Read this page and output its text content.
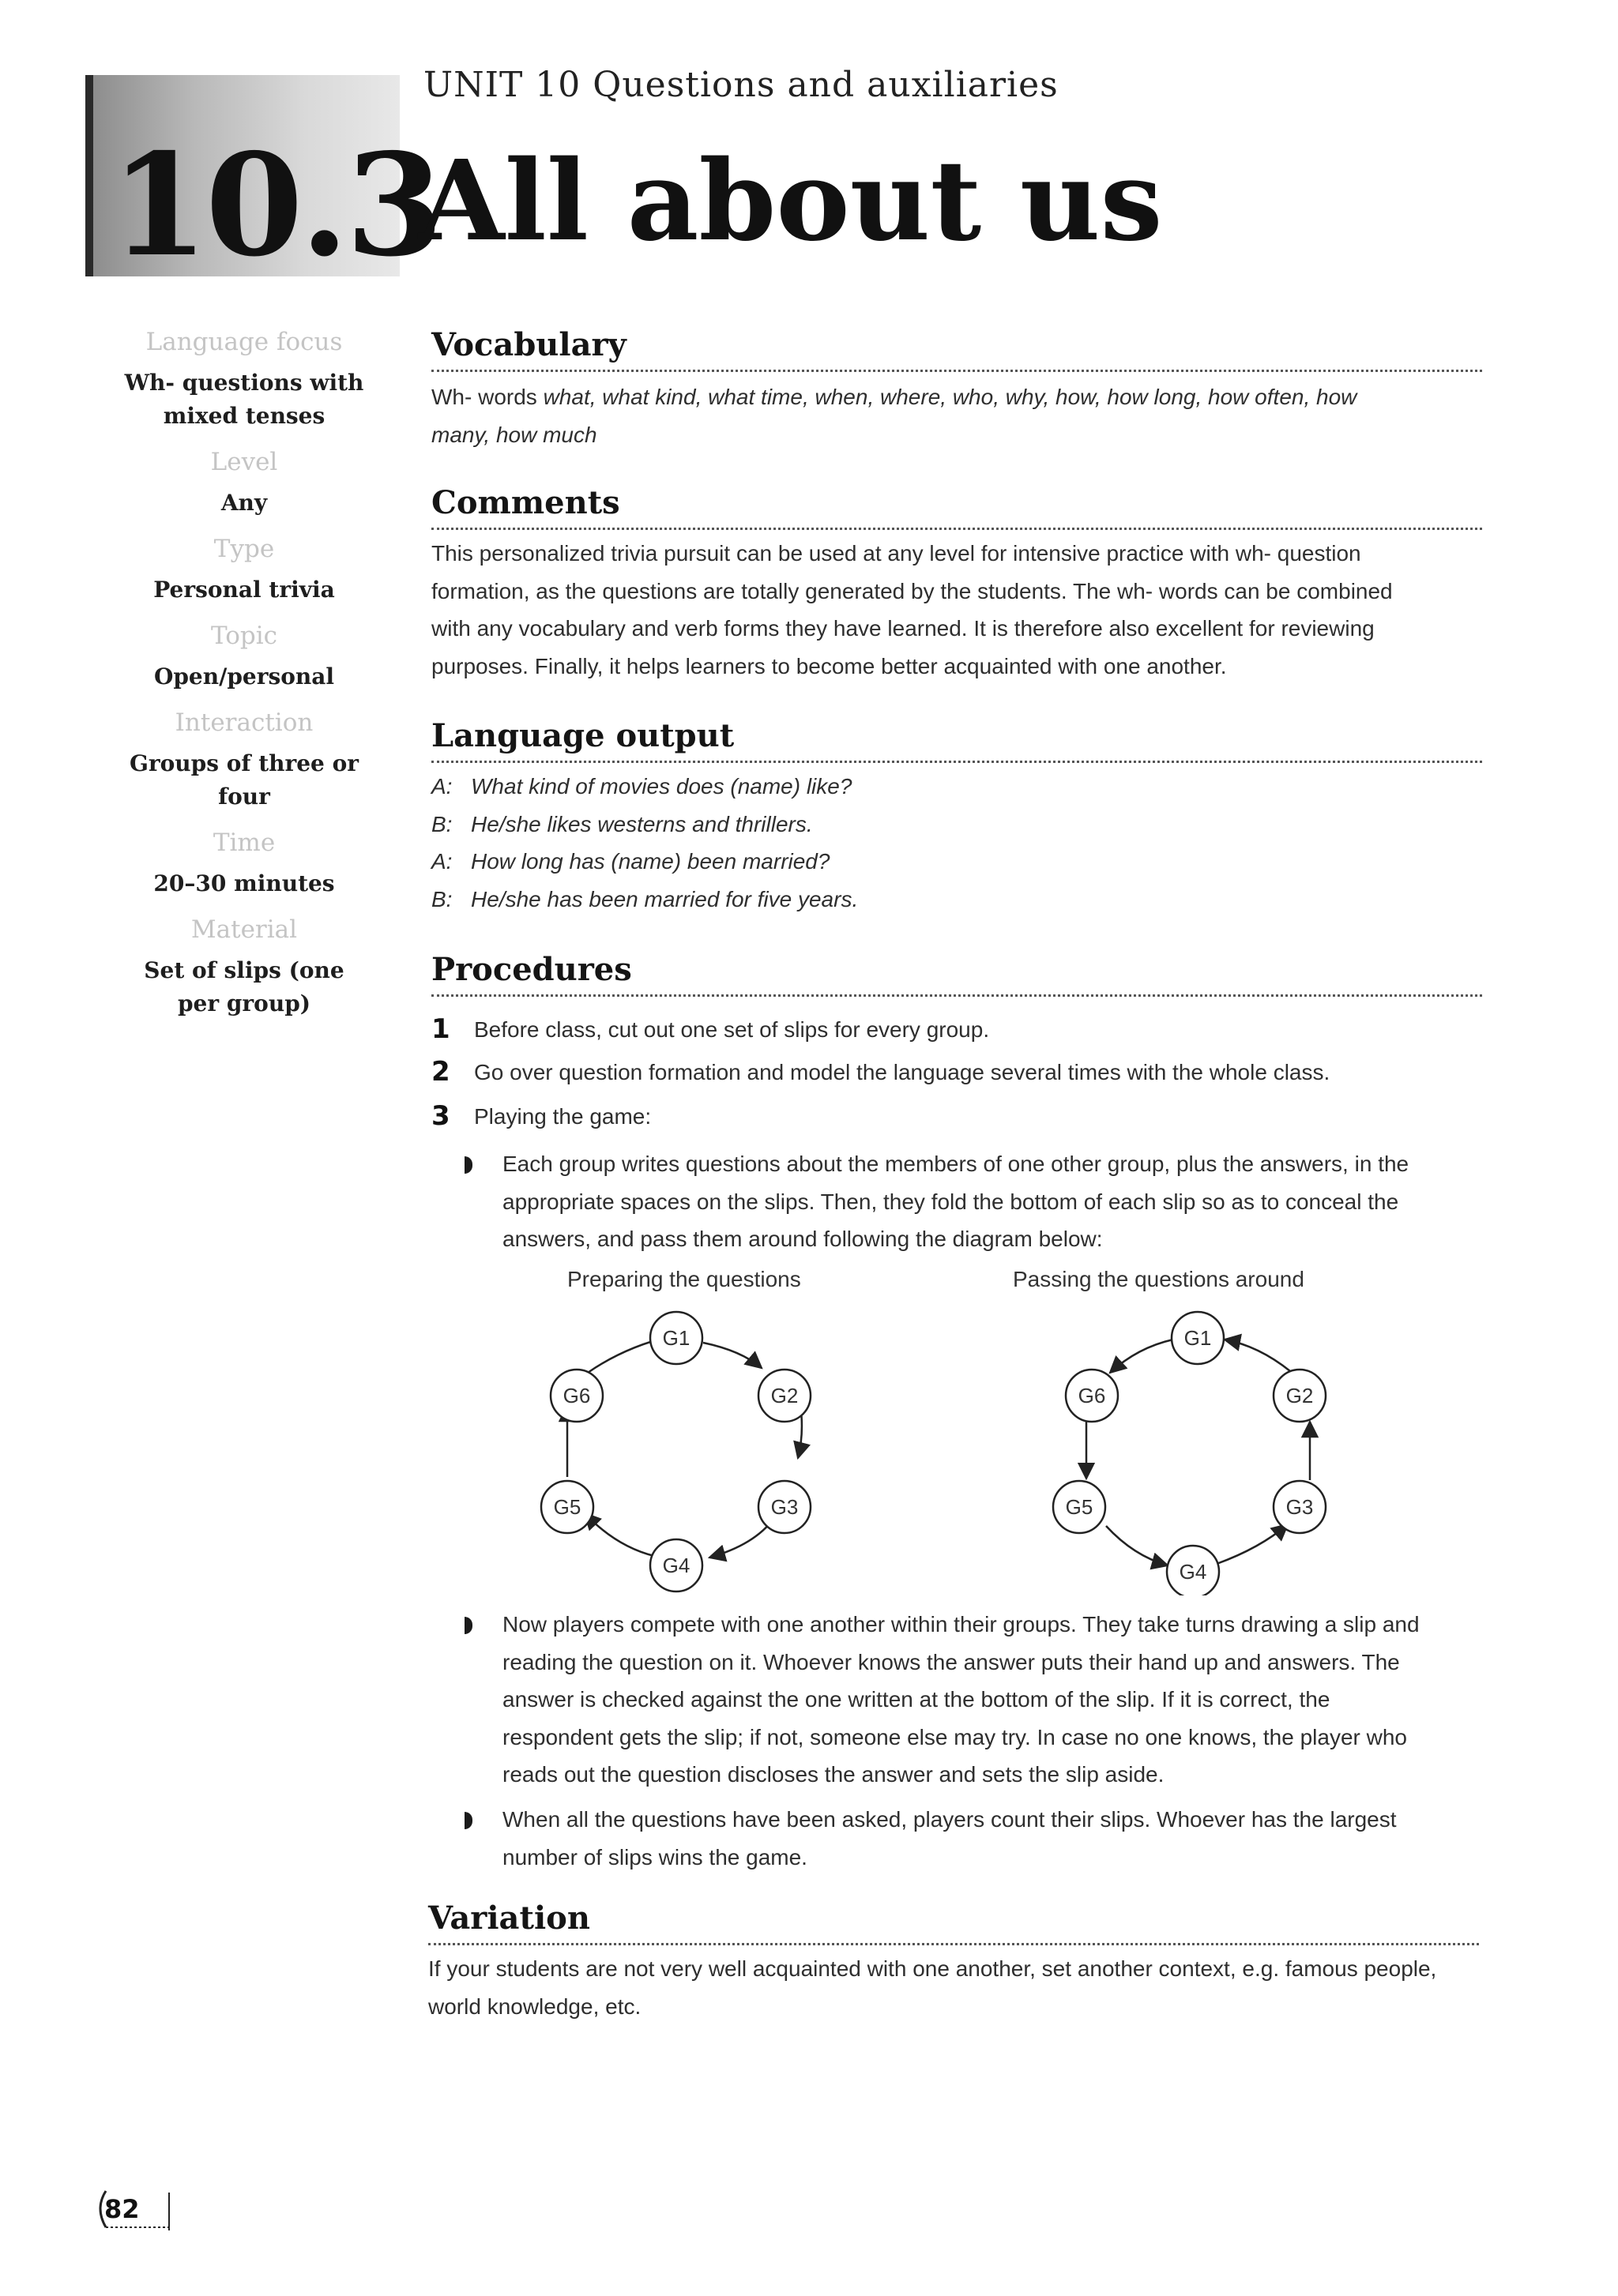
10.3
UNIT 10 Questions and auxiliaries
All about us
Language focus
Wh- questions with mixed tenses
Level
Any
Type
Personal trivia
Topic
Open/personal
Interaction
Groups of three or four
Time
20–30 minutes
Material
Set of slips (one per group)
Vocabulary
Wh- words what, what kind, what time, when, where, who, why, how, how long, how often, how
many, how much
Comments
This personalized trivia pursuit can be used at any level for intensive practice with wh- question
formation, as the questions are totally generated by the students. The wh- words can be combined
with any vocabulary and verb forms they have learned. It is therefore also excellent for reviewing
purposes. Finally, it helps learners to become better acquainted with one another.
Language output
A: What kind of movies does (name) like?
B: He/she likes westerns and thrillers.
A: How long has (name) been married?
B: He/she has been married for five years.
Procedures
1 Before class, cut out one set of slips for every group.
2 Go over question formation and model the language several times with the whole class.
3 Playing the game:
Each group writes questions about the members of one other group, plus the answers, in the
appropriate spaces on the slips. Then, they fold the bottom of each slip so as to conceal the
answers, and pass them around following the diagram below:
Preparing the questions	Passing the questions around
G1
G2
G3
G4
G5
G6
G1
G2
G3
G4
G5
G6
Now players compete with one another within their groups. They take turns drawing a slip and
reading the question on it. Whoever knows the answer puts their hand up and answers. The
answer is checked against the one written at the bottom of the slip. If it is correct, the
respondent gets the slip; if not, someone else may try. In case no one knows, the player who
reads out the question discloses the answer and sets the slip aside.
When all the questions have been asked, players count their slips. Whoever has the largest
number of slips wins the game.
Variation
If your students are not very well acquainted with one another, set another context, e.g. famous people,
world knowledge, etc.
82
